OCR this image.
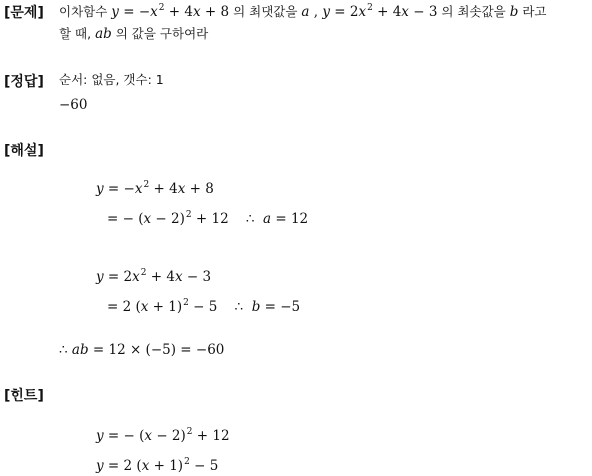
[문제] 이차함수 $y = -x^2 + 4x + 8$ 의 최댓값을 a , $y = 2x^2 + 4x - 3$ 의 최솟값을 b 라고
할 때, ab 의 값을 구하여라
[정답] 순서: 없음, 갯수: 1
−60
[해설]
$y = -x^2 + 4x + 8$
= − $(x - 2)^2 + 12$    ∴  a = 12
$y = 2x^2 + 4x - 3$
= 2 $(x + 1)^2 - 5$    ∴  b = −5
∴ ab = 12 × (−5) = −60
[힌트]
y = − $(x - 2)^2 + 12$
y = 2 $(x + 1)^2 - 5$
